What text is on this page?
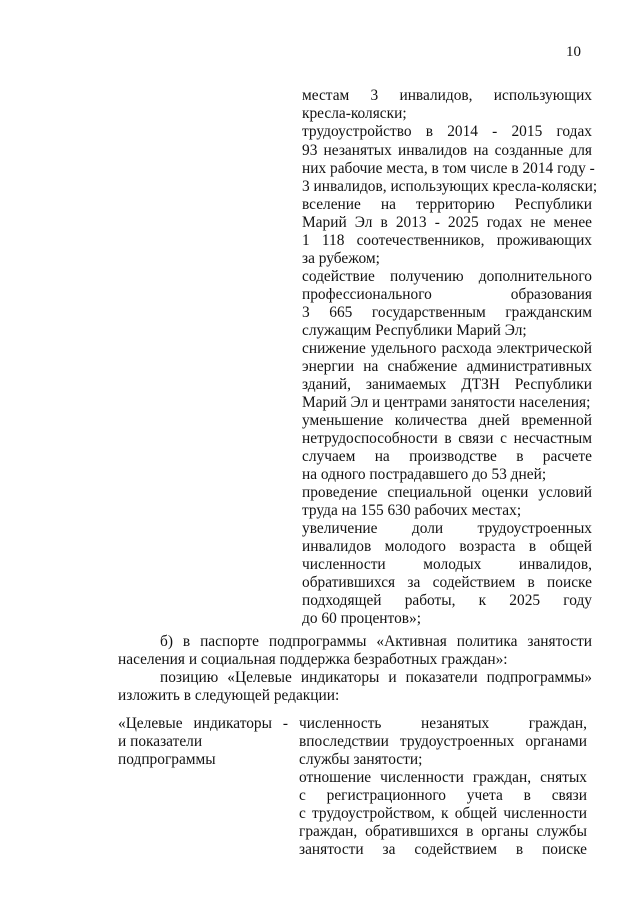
10
местам 3 инвалидов, использующих
кресла-коляски;
трудоустройство в 2014 - 2015 годах
93 незанятых инвалидов на созданные для
них рабочие места, в том числе в 2014 году -
3 инвалидов, использующих кресла-коляски;
вселение на территорию Республики
Марий Эл в 2013 - 2025 годах не менее
1 118 соотечественников, проживающих
за рубежом;
содействие получению дополнительного
профессионального образования
3 665 государственным гражданским
служащим Республики Марий Эл;
снижение удельного расхода электрической
энергии на снабжение административных
зданий, занимаемых ДТЗН Республики
Марий Эл и центрами занятости населения;
уменьшение количества дней временной
нетрудоспособности в связи с несчастным
случаем на производстве в расчете
на одного пострадавшего до 53 дней;
проведение специальной оценки условий
труда на 155 630 рабочих местах;
увеличение доли трудоустроенных
инвалидов молодого возраста в общей
численности молодых инвалидов,
обратившихся за содействием в поиске
подходящей работы, к 2025 году
до 60 процентов»;
б) в паспорте подпрограммы «Активная политика занятости
населения и социальная поддержка безработных граждан»:
позицию «Целевые индикаторы и показатели подпрограммы»
изложить в следующей редакции:
«Целевые индикаторы -
и показатели
подпрограммы
численность незанятых граждан,
впоследствии трудоустроенных органами
службы занятости;
отношение численности граждан, снятых
с регистрационного учета в связи
с трудоустройством, к общей численности
граждан, обратившихся в органы службы
занятости за содействием в поиске
